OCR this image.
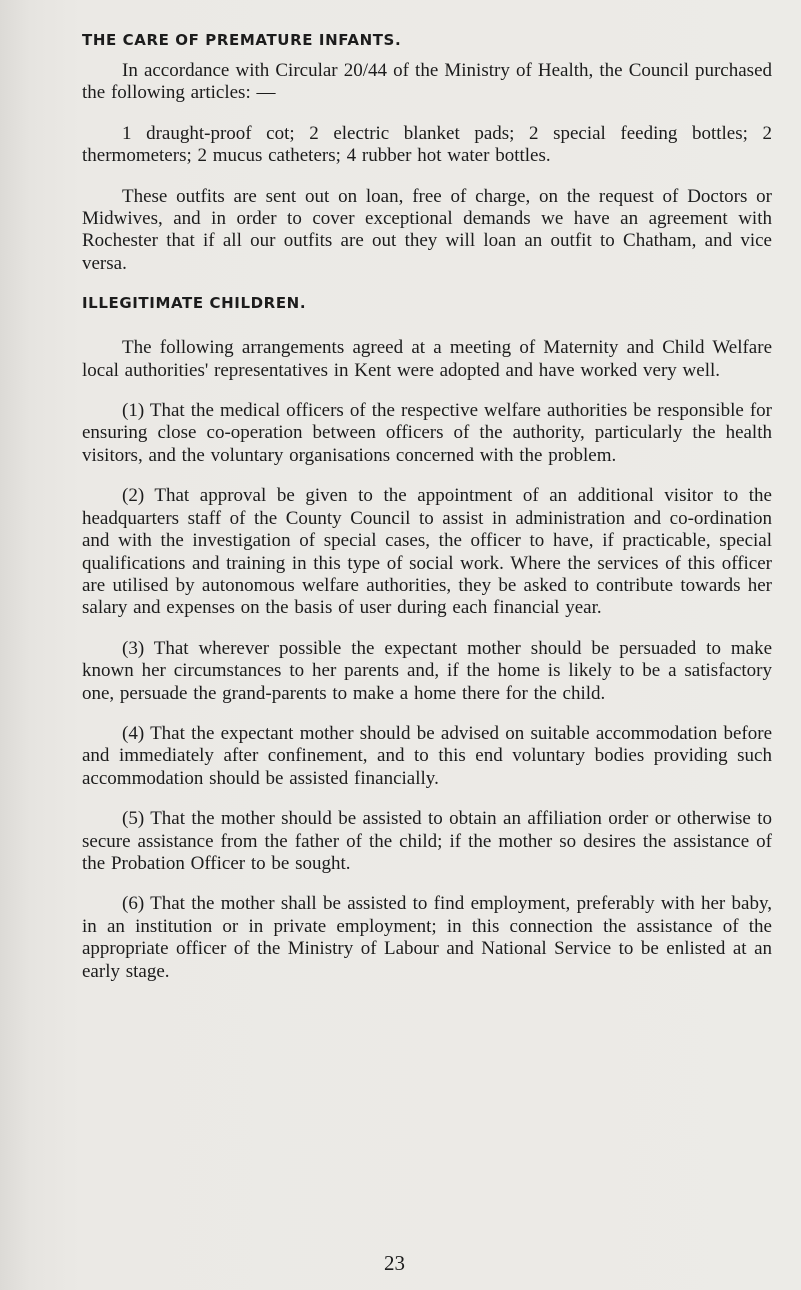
THE CARE OF PREMATURE INFANTS.

In accordance with Circular 20/44 of the Ministry of Health, the Council purchased the following articles: —

1 draught-proof cot; 2 electric blanket pads; 2 special feeding bottles; 2 thermometers; 2 mucus catheters; 4 rubber hot water bottles.

These outfits are sent out on loan, free of charge, on the request of Doctors or Midwives, and in order to cover exceptional demands we have an agreement with Rochester that if all our outfits are out they will loan an outfit to Chatham, and vice versa.

ILLEGITIMATE CHILDREN.

The following arrangements agreed at a meeting of Maternity and Child Welfare local authorities' representatives in Kent were adopted and have worked very well.

(1) That the medical officers of the respective welfare authorities be responsible for ensuring close co-operation between officers of the authority, particularly the health visitors, and the voluntary organisations concerned with the problem.

(2) That approval be given to the appointment of an additional visitor to the headquarters staff of the County Council to assist in administration and co-ordination and with the investigation of special cases, the officer to have, if practicable, special qualifications and training in this type of social work. Where the services of this officer are utilised by autonomous welfare authorities, they be asked to contribute towards her salary and expenses on the basis of user during each financial year.

(3) That wherever possible the expectant mother should be persuaded to make known her circumstances to her parents and, if the home is likely to be a satisfactory one, persuade the grand-parents to make a home there for the child.

(4) That the expectant mother should be advised on suitable accommodation before and immediately after confinement, and to this end voluntary bodies providing such accommodation should be assisted financially.

(5) That the mother should be assisted to obtain an affiliation order or otherwise to secure assistance from the father of the child; if the mother so desires the assistance of the Probation Officer to be sought.

(6) That the mother shall be assisted to find employment, preferably with her baby, in an institution or in private employment; in this connection the assistance of the appropriate officer of the Ministry of Labour and National Service to be enlisted at an early stage.

23
